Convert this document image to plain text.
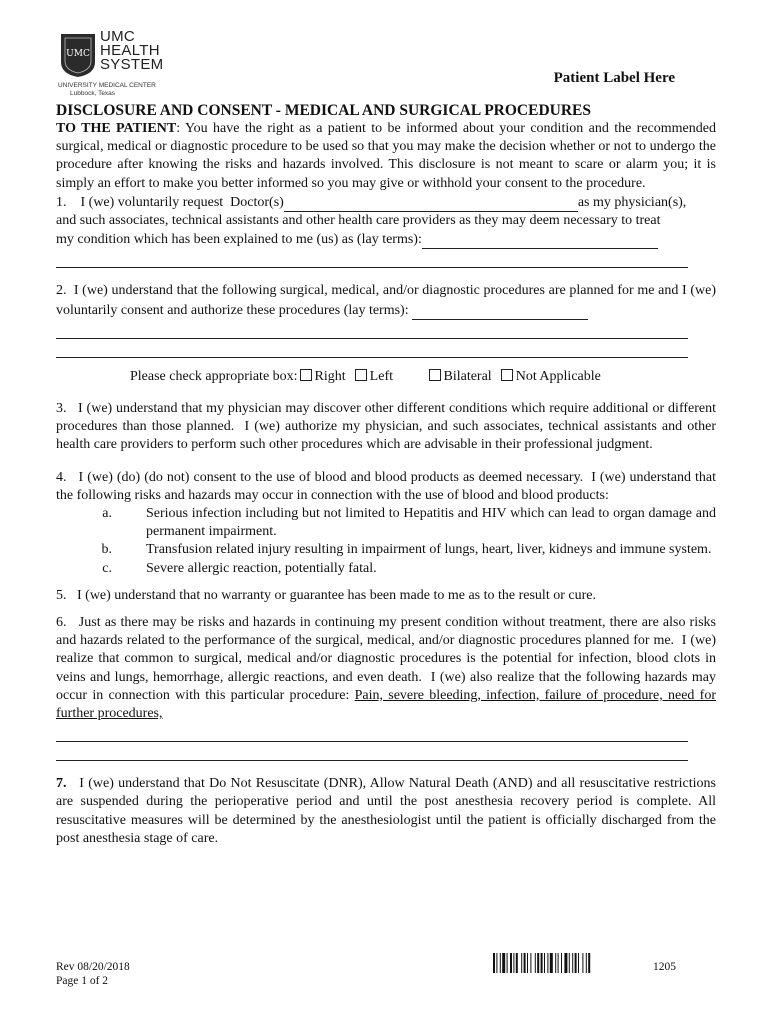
UMC
UMC
HEALTH
SYSTEM
UNIVERSITY MEDICAL CENTER
Lubbock, Texas
Patient Label Here
DISCLOSURE AND CONSENT - MEDICAL AND SURGICAL PROCEDURES

TO THE PATIENT: You have the right as a patient to be informed about your condition and the recommended surgical, medical or diagnostic procedure to be used so that you may make the decision whether or not to undergo the procedure after knowing the risks and hazards involved. This disclosure is not meant to scare or alarm you; it is simply an effort to make you better informed so you may give or withhold your consent to the procedure.

1.    I (we) voluntarily request  Doctor(s)	as my physician(s),

and such associates, technical assistants and other health care providers as they may deem necessary to treat

my condition which has been explained to me (us) as (lay terms):

2.  I (we) understand that the following surgical, medical, and/or diagnostic procedures are planned for me and I (we) voluntarily consent and authorize these procedures (lay terms):

Please check appropriate box: Right Left	Bilateral Not Applicable

3.   I (we) understand that my physician may discover other different conditions which require additional or different procedures than those planned.  I (we) authorize my physician, and such associates, technical assistants and other health care providers to perform such other procedures which are advisable in their professional judgment.

4.   I (we) (do) (do not) consent to the use of blood and blood products as deemed necessary.  I (we) understand that the following risks and hazards may occur in connection with the use of blood and blood products:

a.	Serious infection including but not limited to Hepatitis and HIV which can lead to organ damage and permanent impairment.
b.	Transfusion related injury resulting in impairment of lungs, heart, liver, kidneys and immune system.
c.	Severe allergic reaction, potentially fatal.

5.   I (we) understand that no warranty or guarantee has been made to me as to the result or cure.

6.   Just as there may be risks and hazards in continuing my present condition without treatment, there are also risks and hazards related to the performance of the surgical, medical, and/or diagnostic procedures planned for me.  I (we) realize that common to surgical, medical and/or diagnostic procedures is the potential for infection, blood clots in veins and lungs, hemorrhage, allergic reactions, and even death.  I (we) also realize that the following hazards may occur in connection with this particular procedure: Pain, severe bleeding, infection, failure of procedure, need for further procedures,

7.   I (we) understand that Do Not Resuscitate (DNR), Allow Natural Death (AND) and all resuscitative restrictions are suspended during the perioperative period and until the post anesthesia recovery period is complete. All resuscitative measures will be determined by the anesthesiologist until the patient is officially discharged from the post anesthesia stage of care.

Rev 08/20/2018
Page 1 of 2
1205
